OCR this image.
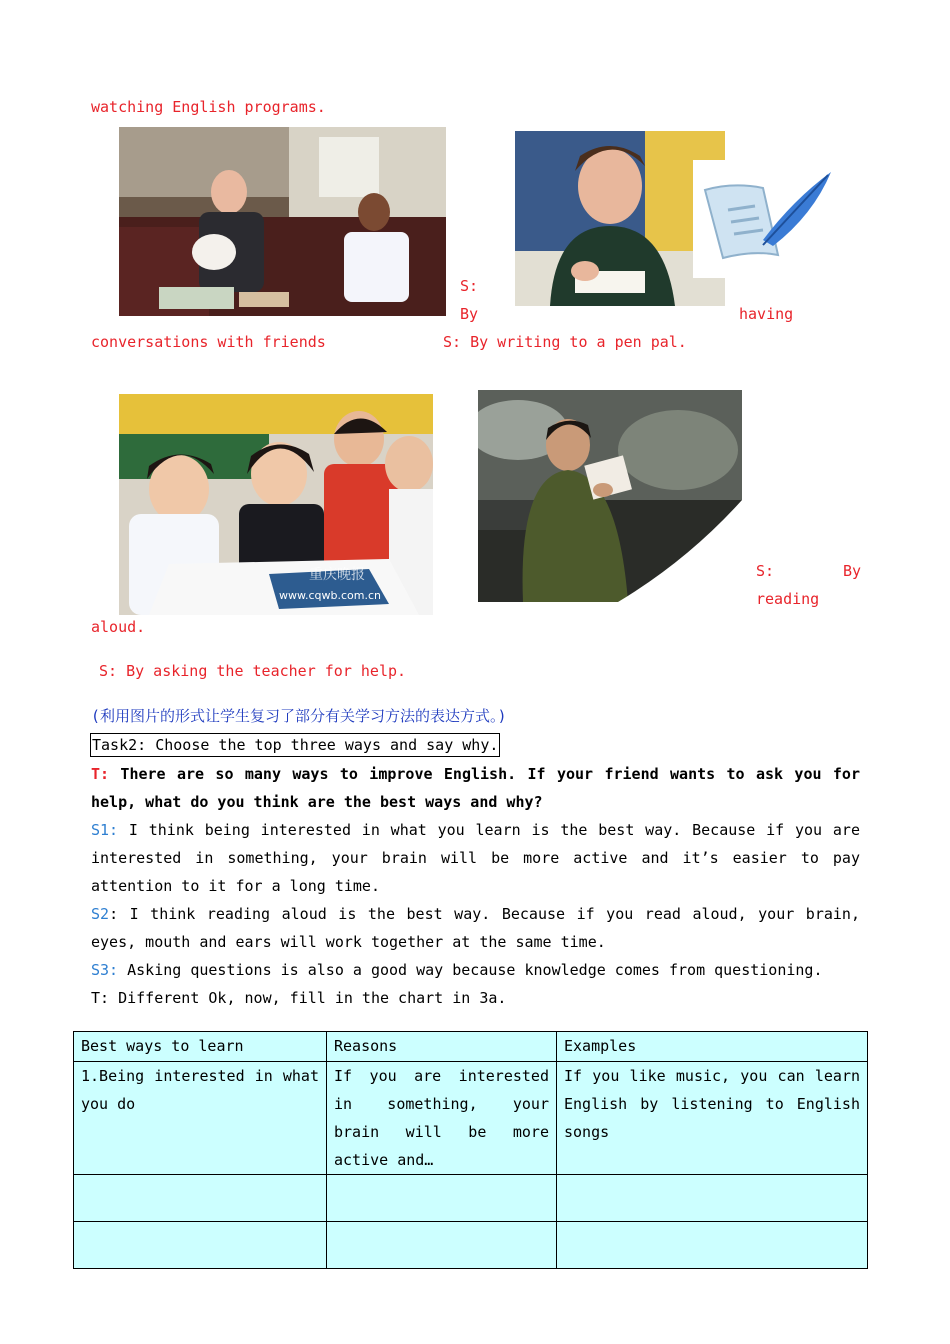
watching English programs.
S:
By	having
conversations with friends	S: By writing to a pen pal.
www.cqwb.com.cn
重庆晚报	S:	By
reading
aloud.
S: By asking the teacher for help.
(利用图片的形式让学生复习了部分有关学习方法的表达方式。)
Task2: Choose the top three ways and say why.
T: There are so many ways to improve English. If your friend wants to ask you for help, what do you think are the best ways and why?
S1: I think being interested in what you learn is the best way. Because if you are interested in something, your brain will be more active and it’s easier to pay attention to it for a long time.
S2: I think reading aloud is the best way. Because if you read aloud, your brain, eyes, mouth and ears will work together at the same time.
S3: Asking questions is also a good way because knowledge comes from questioning.
T: Different Ok, now, fill in the chart in 3a.
Best ways to learn	Reasons	Examples
1.Being interested in what you do	If you are interested in something, your brain will be more active and…	If you like music, you can learn English by listening to English songs
